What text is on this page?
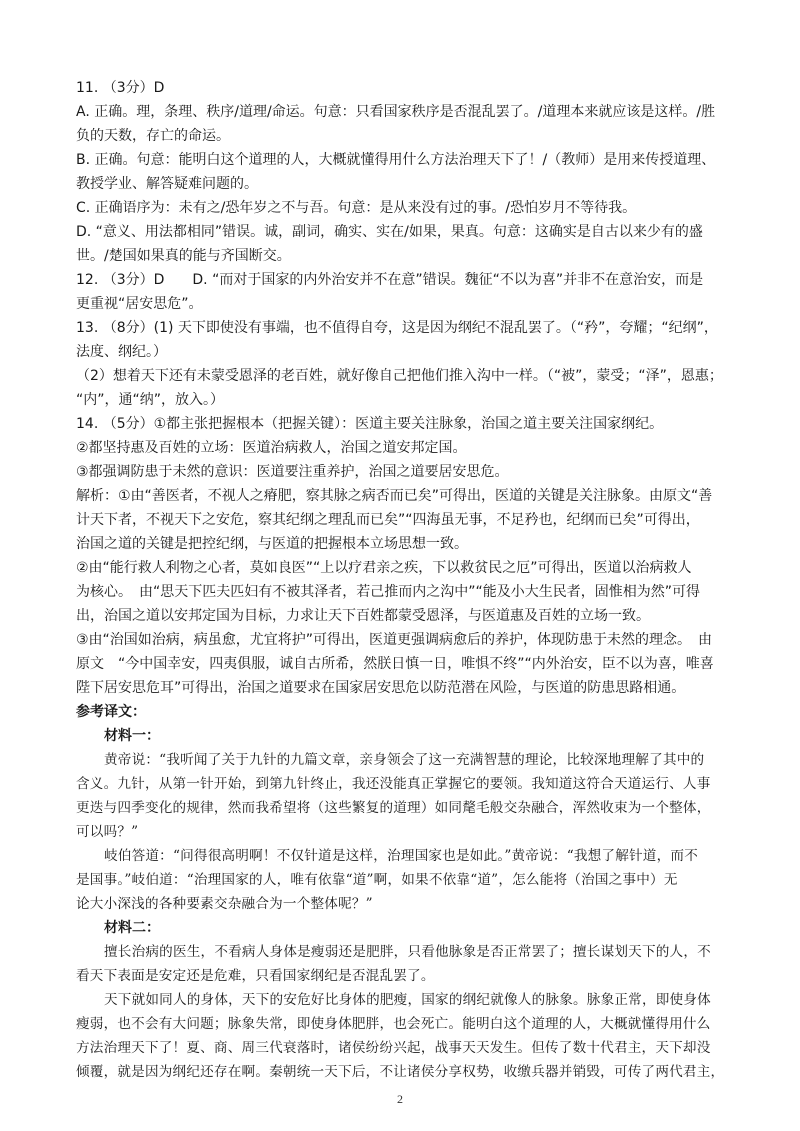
11. （3分）D
A. 正确。理，条理、秩序/道理/命运。句意：只看国家秩序是否混乱罢了。/道理本来就应该是这样。/胜
负的天数，存亡的命运。
B. 正确。句意：能明白这个道理的人，大概就懂得用什么方法治理天下了！/（教师）是用来传授道理、
教授学业、解答疑难问题的。
C. 正确语序为：未有之/恐年岁之不与吾。句意：是从来没有过的事。/恐怕岁月不等待我。
D. “意义、用法都相同”错误。诚，副词，确实、实在/如果，果真。句意：这确实是自古以来少有的盛
世。/楚国如果真的能与齐国断交。
12. （3分）D　　D. “而对于国家的内外治安并不在意”错误。魏征“不以为喜”并非不在意治安，而是
更重视“居安思危”。
13. （8分）(1) 天下即使没有事端，也不值得自夸，这是因为纲纪不混乱罢了。（“矜”，夸耀；“纪纲”，
法度、纲纪。）
（2）想着天下还有未蒙受恩泽的老百姓，就好像自己把他们推入沟中一样。（“被”，蒙受；“泽”，恩惠；
“内”，通“纳”，放入。）
14. （5分）①都主张把握根本（把握关键）：医道主要关注脉象，治国之道主要关注国家纲纪。
②都坚持惠及百姓的立场：医道治病救人，治国之道安邦定国。
③都强调防患于未然的意识：医道要注重养护，治国之道要居安思危。
解析：①由“善医者，不视人之瘠肥，察其脉之病否而已矣”可得出，医道的关键是关注脉象。由原文“善
计天下者，不视天下之安危，察其纪纲之理乱而已矣”“四海虽无事，不足矜也，纪纲而已矣”可得出，
治国之道的关键是把控纪纲，与医道的把握根本立场思想一致。
②由“能行救人利物之心者，莫如良医”“上以疗君亲之疾，下以救贫民之厄”可得出，医道以治病救人
为核心。　由“思天下匹夫匹妇有不被其泽者，若己推而内之沟中”“能及小大生民者，固惟相为然”可得
出，治国之道以安邦定国为目标，力求让天下百姓都蒙受恩泽，与医道惠及百姓的立场一致。
③由“治国如治病，病虽愈，尤宜将护”可得出，医道更强调病愈后的养护，体现防患于未然的理念。　由
原文　“今中国幸安，四夷俱服，诚自古所希，然朕日慎一日，唯惧不终”“内外治安，臣不以为喜，唯喜
陛下居安思危耳”可得出，治国之道要求在国家居安思危以防范潜在风险，与医道的防患思路相通。
参考译文：
材料一：
黄帝说：“我听闻了关于九针的九篇文章，亲身领会了这一充满智慧的理论，比较深地理解了其中的
含义。九针，从第一针开始，到第九针终止，我还没能真正掌握它的要领。我知道这符合天道运行、人事
更迭与四季变化的规律，然而我希望将（这些繁复的道理）如同氂毛般交杂融合，浑然收束为一个整体，
可以吗？”
岐伯答道：“问得很高明啊！不仅针道是这样，治理国家也是如此。”黄帝说：“我想了解针道，而不
是国事。”岐伯道：“治理国家的人，唯有依靠“道”啊，如果不依靠“道”，怎么能将（治国之事中）无
论大小深浅的各种要素交杂融合为一个整体呢？”
材料二：
擅长治病的医生，不看病人身体是瘦弱还是肥胖，只看他脉象是否正常罢了；擅长谋划天下的人，不
看天下表面是安定还是危难，只看国家纲纪是否混乱罢了。
天下就如同人的身体，天下的安危好比身体的肥瘦，国家的纲纪就像人的脉象。脉象正常，即使身体
瘦弱，也不会有大问题；脉象失常，即使身体肥胖，也会死亡。能明白这个道理的人，大概就懂得用什么
方法治理天下了！夏、商、周三代衰落时，诸侯纷纷兴起，战事天天发生。但传了数十代君主，天下却没
倾覆，就是因为纲纪还存在啊。秦朝统一天下后，不让诸侯分享权势，收缴兵器并销毁，可传了两代君主，
2
